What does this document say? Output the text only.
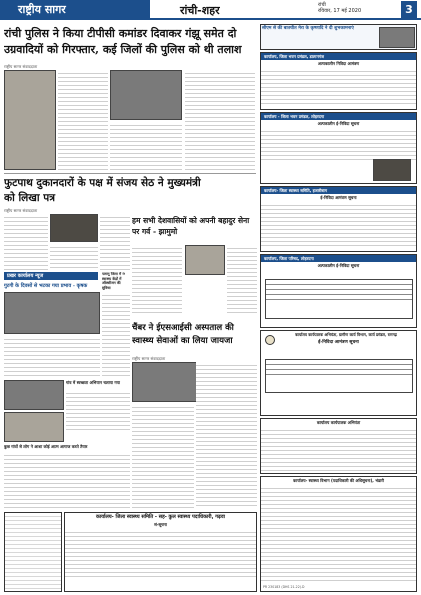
राष्ट्रीय सागर	रांची-शहर	रांची
रविवार, 17 मई 2020	3
रांची पुलिस ने किया टीपीसी कमांडर दिवाकर गंझू समेत दो उग्रवादियों को गिरफ्तार, कई जिलों की पुलिस को थी तलाश
राष्ट्रीय सागर संवाददाता
फुटपाथ दुकानदारों के पक्ष में संजय सेठ ने मुख्यमंत्री को लिखा पत्र
राष्ट्रीय सागर संवाददाता
हम सभी देशवासियों को अपनी बहादुर सेना पर गर्व - झामुमो
प्रखर कार्यालय न्यूज
गुटगी के दिवसों से भटका गया प्रभाव - कृषक
पलामू जिला में 9 स्वास्थ्य केंद्रों में ऑक्सीजन की सुविधा
गांव में स्वच्छता अभियान चलाया गया
कुछ गांवों से लोग ने आशा कोई आत्म आगाज करते तैयार
चैंबर ने ईएसआईसी अस्पताल की स्वास्थ्य सेवाओं का लिया जायजा
राष्ट्रीय सागर संवाददाता
कार्यालय- जिला स्वास्थ्य समिति - सह- कुल स्वास्थ्य पदाधिकारी, गढ़वा
सं-सूचना
सीएम से की बातचीत मेरा के कृष्णादि ने दी शुभकामनाएं
कार्यालय, जिला भवन प्रमंडल, डाल्टनगंज
अल्पकालीन निविदा आमंत्रण
कार्यालय - जिला भवन प्रमंडल, लोहरदगा
अल्पकालीन ई-निविदा सूचना
कार्यालय- जिला स्वास्थ्य समिति, हजारीबाग
ई-निविदा आमंत्रण सूचना
कार्यालय, जिला परिषद, लोहरदगा
अल्पकालीन ई-निविदा सूचना
कार्यालय कार्यपालक अभियंता, ग्रामीण कार्य विभाग, कार्य प्रमंडल, रामगढ़
ई-निविदा आमंत्रण सूचना
कार्यालय कार्यपालक अभियंता
कार्यालय- स्वास्थ्य विभाग (पदाधिकारी की अधिसूचना), भंडारी
PR 230183 (DHS 21-22).D
